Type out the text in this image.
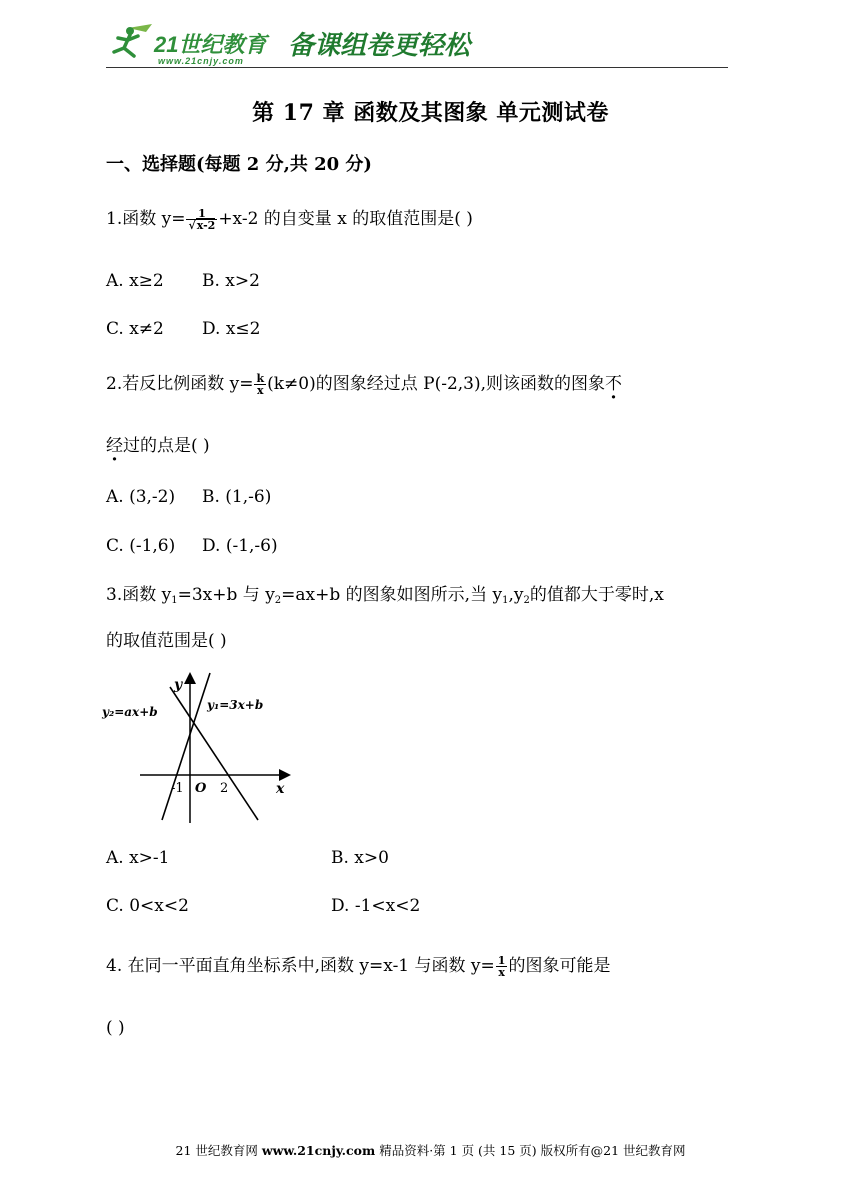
21世纪教育
www.21cnjy.com 备课组卷更轻松
第 17 章 函数及其图象 单元测试卷
一、选择题(每题 2 分,共 20 分)
1.函数 $y= \frac{1}{√x-2} +x-2$ 的自变量 x 的取值范围是( )
A. x≥2 B. x>2
C. x≠2 D. x≤2
2.若反比例函数 $y= \frac{k}{x} (k\ne 0)$的图象经过点 P(-2,3),则该函数的图象不
经过的点是( )
A. (3,-2) B. (1,-6)
C. (-1,6) D. (-1,-6)
3.函数 $y_1=3x+b$ 与 $y_2=ax+b$ 的图象如图所示,当 $y_1,y_2$的值都大于零时,x
的取值范围是( )
y
x
O
-1	2
y₁=3x+b
y₂=ax+b
A. x>-1	B. x>0
C. 0<x<2	D. -1<x<2
4. 在同一平面直角坐标系中,函数 y=x-1 与函数 $y= \frac{1}{x}$ 的图象可能是
( )
21 世纪教育网 www.21cnjy.com 精品资料·第 1 页 (共 15 页) 版权所有@21 世纪教育网
